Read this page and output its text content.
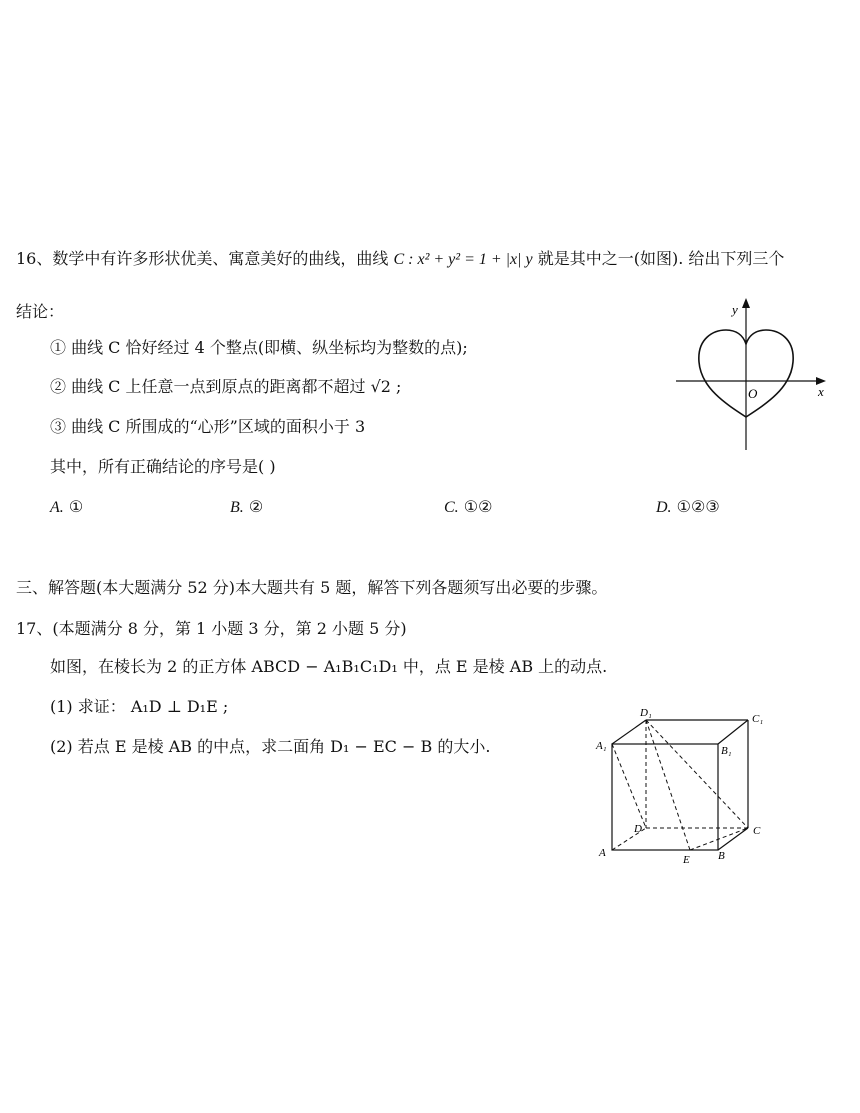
16、数学中有许多形状优美、寓意美好的曲线，曲线 C : x² + y² = 1 + |x| y 就是其中之一(如图). 给出下列三个
结论：
① 曲线 C 恰好经过 4 个整点(即横、纵坐标均为整数的点);
② 曲线 C 上任意一点到原点的距离都不超过 √2 ;
③ 曲线 C 所围成的“心形”区域的面积小于 3
其中，所有正确结论的序号是( )
A. ①	B. ②	C. ①②	D. ①②③
y
x
O
三、解答题(本大题满分 52 分)本大题共有 5 题，解答下列各题须写出必要的步骤。
17、(本题满分 8 分，第 1 小题 3 分，第 2 小题 5 分)
如图，在棱长为 2 的正方体 ABCD − A₁B₁C₁D₁ 中，点 E 是棱 AB 上的动点.
(1) 求证： A₁D ⊥ D₁E ;
(2) 若点 E 是棱 AB 的中点，求二面角 D₁ − EC − B 的大小.
D₁	C₁
A₁	B₁
D	C
A
E	B
